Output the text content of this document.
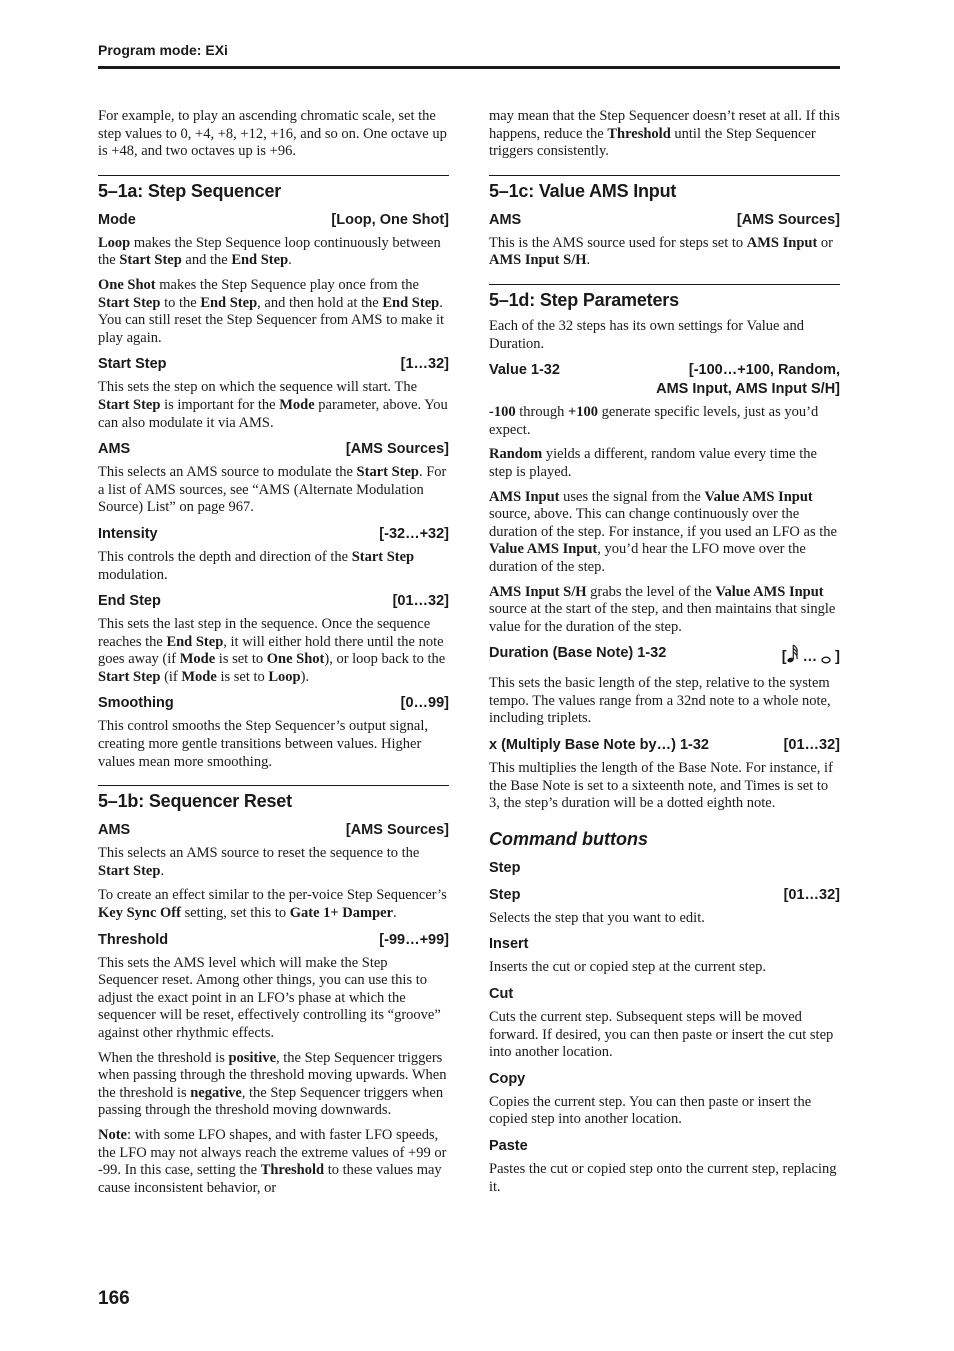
Program mode: EXi

For example, to play an ascending chromatic scale, set the step values to 0, +4, +8, +12, +16, and so on. One octave up is +48, and two octaves up is +96.

5–1a: Step Sequencer
Mode	[Loop, One Shot]

Loop makes the Step Sequence loop continuously between the Start Step and the End Step.

One Shot makes the Step Sequence play once from the Start Step to the End Step, and then hold at the End Step. You can still reset the Step Sequencer from AMS to make it play again.

Start Step	[1…32]

This sets the step on which the sequence will start. The Start Step is important for the Mode parameter, above. You can also modulate it via AMS.

AMS	[AMS Sources]

This selects an AMS source to modulate the Start Step. For a list of AMS sources, see “AMS (Alternate Modulation Source) List” on page 967.

Intensity	[-32…+32]

This controls the depth and direction of the Start Step modulation.

End Step	[01…32]

This sets the last step in the sequence. Once the sequence reaches the End Step, it will either hold there until the note goes away (if Mode is set to One Shot), or loop back to the Start Step (if Mode is set to Loop).

Smoothing	[0…99]

This control smooths the Step Sequencer’s output signal, creating more gentle transitions between values. Higher values mean more smoothing.

5–1b: Sequencer Reset
AMS	[AMS Sources]

This selects an AMS source to reset the sequence to the Start Step.

To create an effect similar to the per-voice Step Sequencer’s Key Sync Off setting, set this to Gate 1+ Damper.

Threshold	[-99…+99]

This sets the AMS level which will make the Step Sequencer reset. Among other things, you can use this to adjust the exact point in an LFO’s phase at which the sequencer will be reset, effectively controlling its “groove” against other rhythmic effects.

When the threshold is positive, the Step Sequencer triggers when passing through the threshold moving upwards. When the threshold is negative, the Step Sequencer triggers when passing through the threshold moving downwards.

Note: with some LFO shapes, and with faster LFO speeds, the LFO may not always reach the extreme values of +99 or -99. In this case, setting the Threshold to these values may cause inconsistent behavior, or

may mean that the Step Sequencer doesn’t reset at all. If this happens, reduce the Threshold until the Step Sequencer triggers consistently.

5–1c: Value AMS Input
AMS	[AMS Sources]

This is the AMS source used for steps set to AMS Input or AMS Input S/H.

5–1d: Step Parameters

Each of the 32 steps has its own settings for Value and Duration.

Value 1-32	[-100…+100, Random,
AMS Input, AMS Input S/H]

-100 through +100 generate specific levels, just as you’d expect.

Random yields a different, random value every time the step is played.

AMS Input uses the signal from the Value AMS Input source, above. This can change continuously over the duration of the step. For instance, if you used an LFO as the Value AMS Input, you’d hear the LFO move over the duration of the step.

AMS Input S/H grabs the level of the Value AMS Input source at the start of the step, and then maintains that single value for the duration of the step.

Duration (Base Note) 1-32	[ … ]

This sets the basic length of the step, relative to the system tempo. The values range from a 32nd note to a whole note, including triplets.

x (Multiply Base Note by…) 1-32	[01…32]

This multiplies the length of the Base Note. For instance, if the Base Note is set to a sixteenth note, and Times is set to 3, the step’s duration will be a dotted eighth note.

Command buttons
Step
Step	[01…32]

Selects the step that you want to edit.

Insert

Inserts the cut or copied step at the current step.

Cut

Cuts the current step. Subsequent steps will be moved forward. If desired, you can then paste or insert the cut step into another location.

Copy

Copies the current step. You can then paste or insert the copied step into another location.

Paste

Pastes the cut or copied step onto the current step, replacing it.

166
